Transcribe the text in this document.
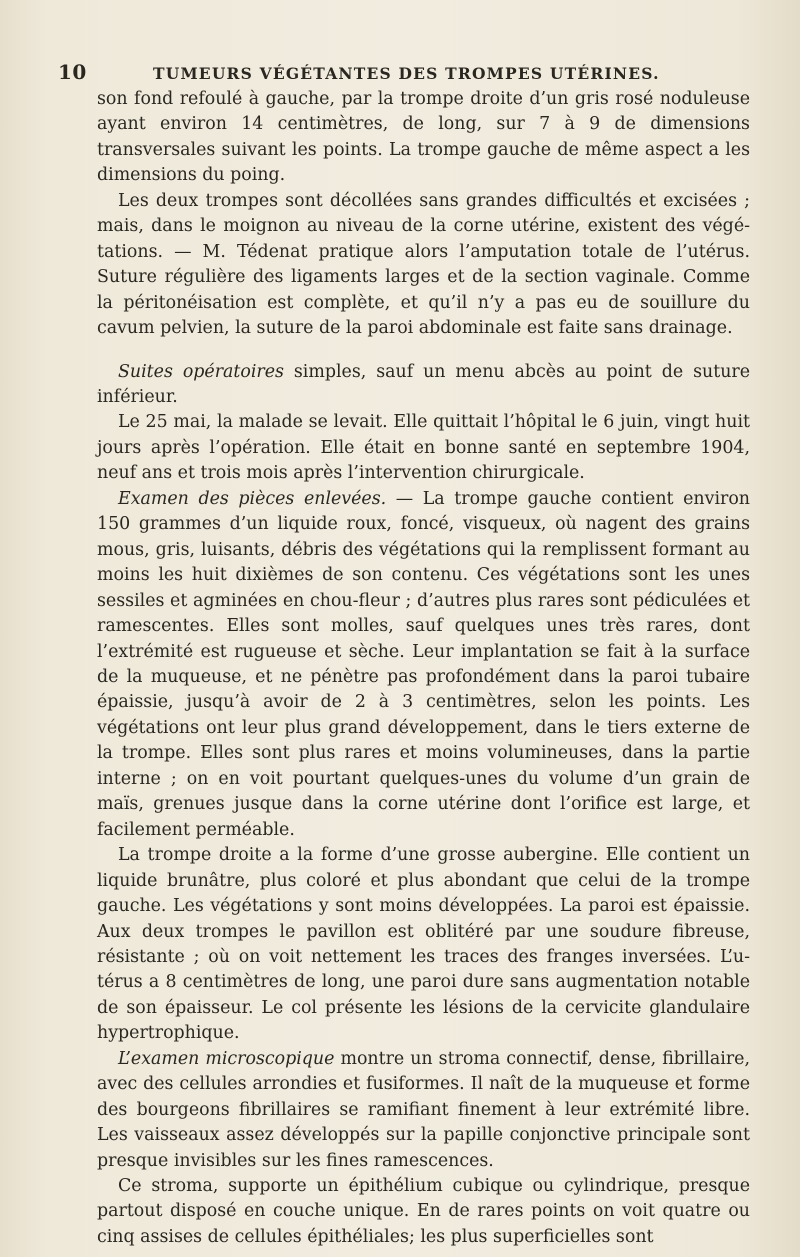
10	TUMEURS VÉGÉTANTES DES TROMPES UTÉRINES.

son fond refoulé à gauche, par la trompe droite d’un gris rosé noduleuse ayant environ 14 centimètres, de long, sur 7 à 9 de dimensions transversales suivant les points. La trompe gauche de même aspect a les dimensions du poing.

Les deux trompes sont décollées sans grandes difficultés et excisées ; mais, dans le moignon au niveau de la corne utérine, existent des végétations. — M. Tédenat pratique alors l’amputation totale de l’utérus. Suture régulière des ligaments larges et de la section vaginale. Comme la péritonéisation est complète, et qu’il n’y a pas eu de souillure du cavum pelvien, la suture de la paroi abdominale est faite sans drainage.

Suites opératoires simples, sauf un menu abcès au point de suture inférieur.

Le 25 mai, la malade se levait. Elle quittait l’hôpital le 6 juin, vingt huit jours après l’opération. Elle était en bonne santé en septembre 1904, neuf ans et trois mois après l’intervention chirurgicale.

Examen des pièces enlevées. — La trompe gauche contient environ 150 grammes d’un liquide roux, foncé, visqueux, où nagent des grains mous, gris, luisants, débris des végétations qui la remplissent formant au moins les huit dixièmes de son contenu. Ces végétations sont les unes sessiles et agminées en chou-fleur ; d’autres plus rares sont pédiculées et ramescentes. Elles sont molles, sauf quelques unes très rares, dont l’extrémité est rugueuse et sèche. Leur implantation se fait à la surface de la muqueuse, et ne pénètre pas profondément dans la paroi tubaire épaissie, jusqu’à avoir de 2 à 3 centimètres, selon les points. Les végétations ont leur plus grand développement, dans le tiers externe de la trompe. Elles sont plus rares et moins volumineuses, dans la partie interne ; on en voit pourtant quelques-unes du volume d’un grain de maïs, grenues jusque dans la corne utérine dont l’orifice est large, et facilement perméable.

La trompe droite a la forme d’une grosse aubergine. Elle contient un liquide brunâtre, plus coloré et plus abondant que celui de la trompe gauche. Les végétations y sont moins développées. La paroi est épaissie. Aux deux trompes le pavillon est oblitéré par une soudure fibreuse, résistante ; où on voit nettement les traces des franges inversées. L’utérus a 8 centimètres de long, une paroi dure sans augmentation notable de son épaisseur. Le col présente les lésions de la cervicite glandulaire hypertrophique.

L’examen microscopique montre un stroma connectif, dense, fibrillaire, avec des cellules arrondies et fusiformes. Il naît de la muqueuse et forme des bourgeons fibrillaires se ramifiant finement à leur extrémité libre. Les vaisseaux assez développés sur la papille conjonctive principale sont presque invisibles sur les fines ramescences.

Ce stroma, supporte un épithélium cubique ou cylindrique, presque partout disposé en couche unique. En de rares points on voit quatre ou cinq assises de cellules épithéliales; les plus superficielles sont
